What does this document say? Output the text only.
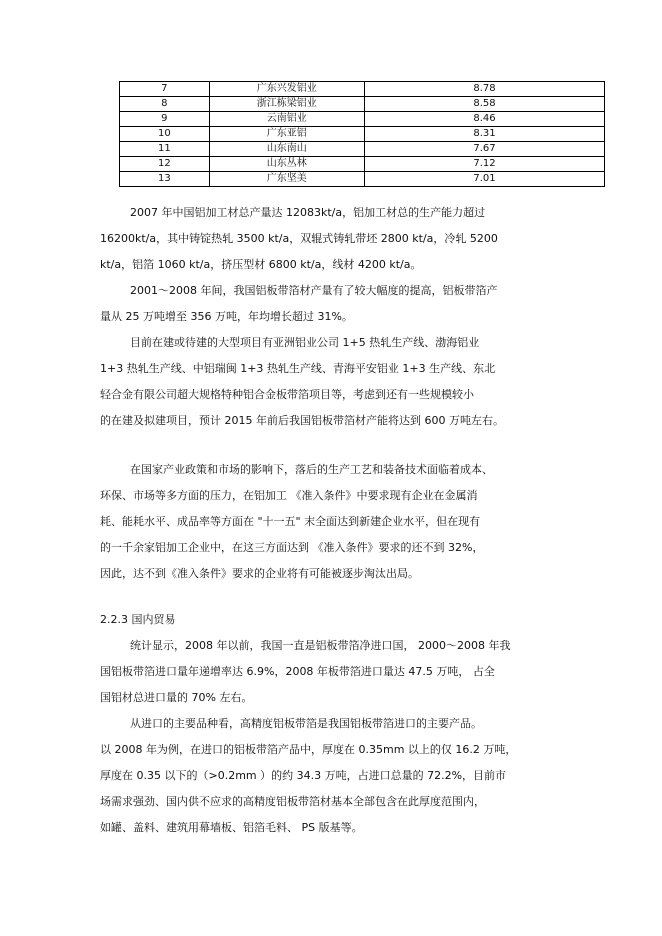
7	广东兴发铝业	8.78
8	浙江栋梁铝业	8.58
9	云南铝业	8.46
10	广东亚铝	8.31
11	山东南山	7.67
12	山东丛林	7.12
13	广东坚美	7.01
2007 年中国铝加工材总产量达 12083kt/a，铝加工材总的生产能力超过
16200kt/a，其中铸锭热轧 3500 kt/a，双辊式铸轧带坯 2800 kt/a，冷轧 5200
kt/a，铝箔 1060 kt/a，挤压型材 6800 kt/a，线材 4200 kt/a。
2001～2008 年间，我国铝板带箔材产量有了较大幅度的提高，铝板带箔产
量从 25 万吨增至 356 万吨，年均增长超过 31%。
目前在建或待建的大型项目有亚洲铝业公司 1+5 热轧生产线、渤海铝业
1+3 热轧生产线、中铝瑞闽 1+3 热轧生产线、青海平安铝业 1+3 生产线、东北
轻合金有限公司超大规格特种铝合金板带箔项目等，考虑到还有一些规模较小
的在建及拟建项目，预计 2015 年前后我国铝板带箔材产能将达到 600 万吨左右。
在国家产业政策和市场的影响下，落后的生产工艺和装备技术面临着成本、
环保、市场等多方面的压力，在铝加工 《准入条件》中要求现有企业在金属消
耗、能耗水平、成品率等方面在 "十一五" 末全面达到新建企业水平，但在现有
的一千余家铝加工企业中，在这三方面达到 《准入条件》要求的还不到 32%，
因此，达不到《准入条件》要求的企业将有可能被逐步淘汰出局。
2.2.3 国内贸易
统计显示，2008 年以前，我国一直是铝板带箔净进口国， 2000～2008 年我
国铝板带箔进口量年递增率达 6.9%，2008 年板带箔进口量达 47.5 万吨， 占全
国铝材总进口量的 70% 左右。
从进口的主要品种看，高精度铝板带箔是我国铝板带箔进口的主要产品。
以 2008 年为例，在进口的铝板带箔产品中，厚度在 0.35mm 以上的仅 16.2 万吨，
厚度在 0.35 以下的（>0.2mm ）的约 34.3 万吨，占进口总量的 72.2%，目前市
场需求强劲、国内供不应求的高精度铝板带箔材基本全部包含在此厚度范围内，
如罐、盖料、建筑用幕墙板、铝箔毛料、 PS 版基等。
